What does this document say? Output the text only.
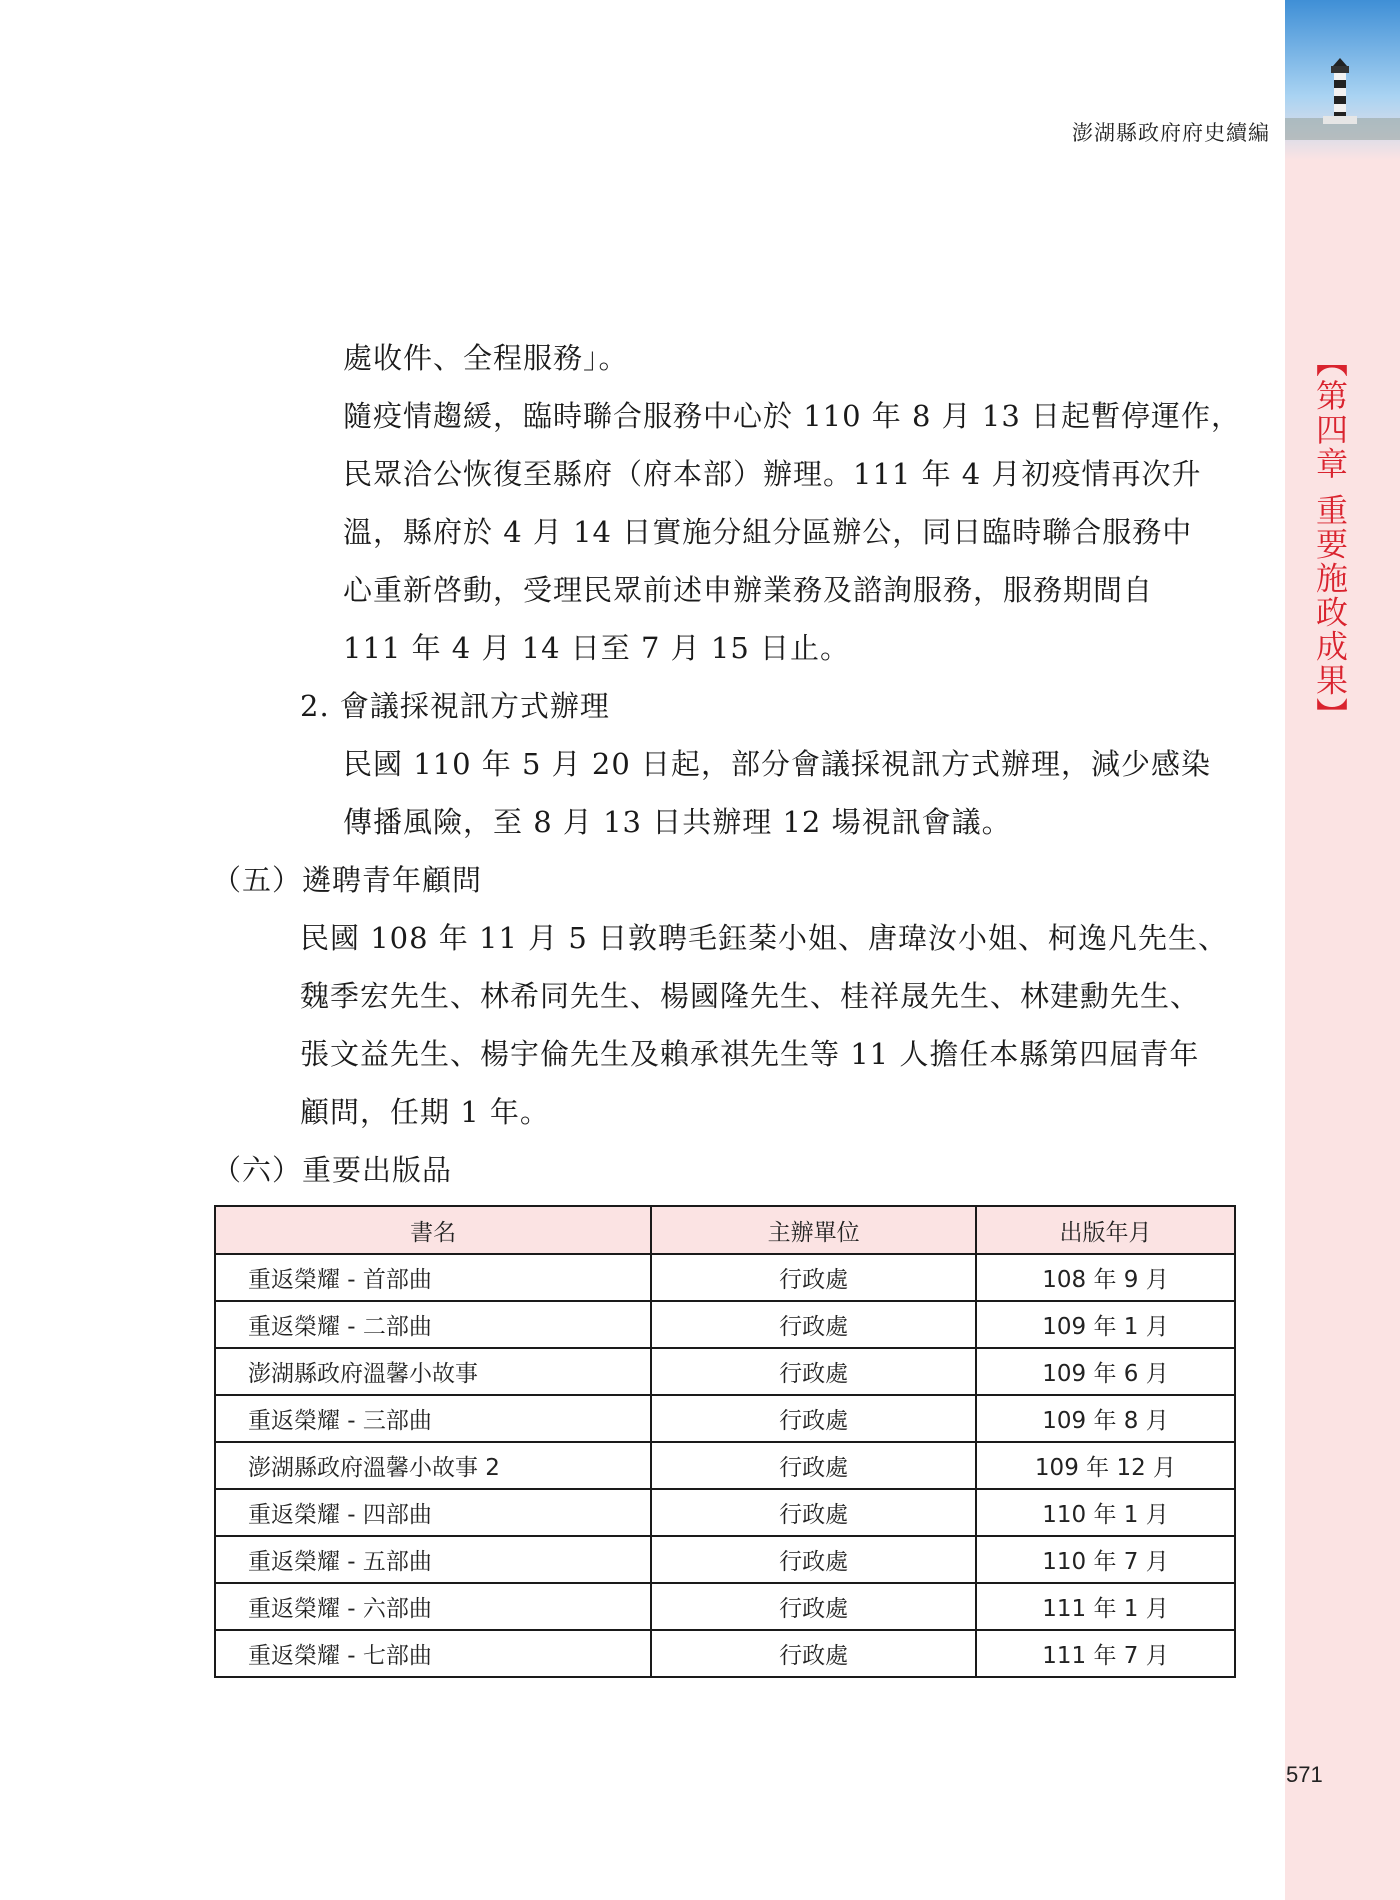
【第四章 重要施政成果】
571
澎湖縣政府府史續編
處收件、全程服務」。
隨疫情趨緩，臨時聯合服務中心於 110 年 8 月 13 日起暫停運作，
民眾洽公恢復至縣府（府本部）辦理。111 年 4 月初疫情再次升
溫，縣府於 4 月 14 日實施分組分區辦公，同日臨時聯合服務中
心重新啓動，受理民眾前述申辦業務及諮詢服務，服務期間自
111 年 4 月 14 日至 7 月 15 日止。
2. 會議採視訊方式辦理
民國 110 年 5 月 20 日起，部分會議採視訊方式辦理，減少感染
傳播風險，至 8 月 13 日共辦理 12 場視訊會議。
（五）遴聘青年顧問
民國 108 年 11 月 5 日敦聘毛鈺棻小姐、唐瑋汝小姐、柯逸凡先生、
魏季宏先生、林希同先生、楊國隆先生、桂祥晟先生、林建勳先生、
張文益先生、楊宇倫先生及賴承祺先生等 11 人擔任本縣第四屆青年
顧問，任期 1 年。
（六）重要出版品
書名	主辦單位	出版年月
重返榮耀 - 首部曲	行政處	108 年 9 月
重返榮耀 - 二部曲	行政處	109 年 1 月
澎湖縣政府溫馨小故事	行政處	109 年 6 月
重返榮耀 - 三部曲	行政處	109 年 8 月
澎湖縣政府溫馨小故事 2	行政處	109 年 12 月
重返榮耀 - 四部曲	行政處	110 年 1 月
重返榮耀 - 五部曲	行政處	110 年 7 月
重返榮耀 - 六部曲	行政處	111 年 1 月
重返榮耀 - 七部曲	行政處	111 年 7 月
